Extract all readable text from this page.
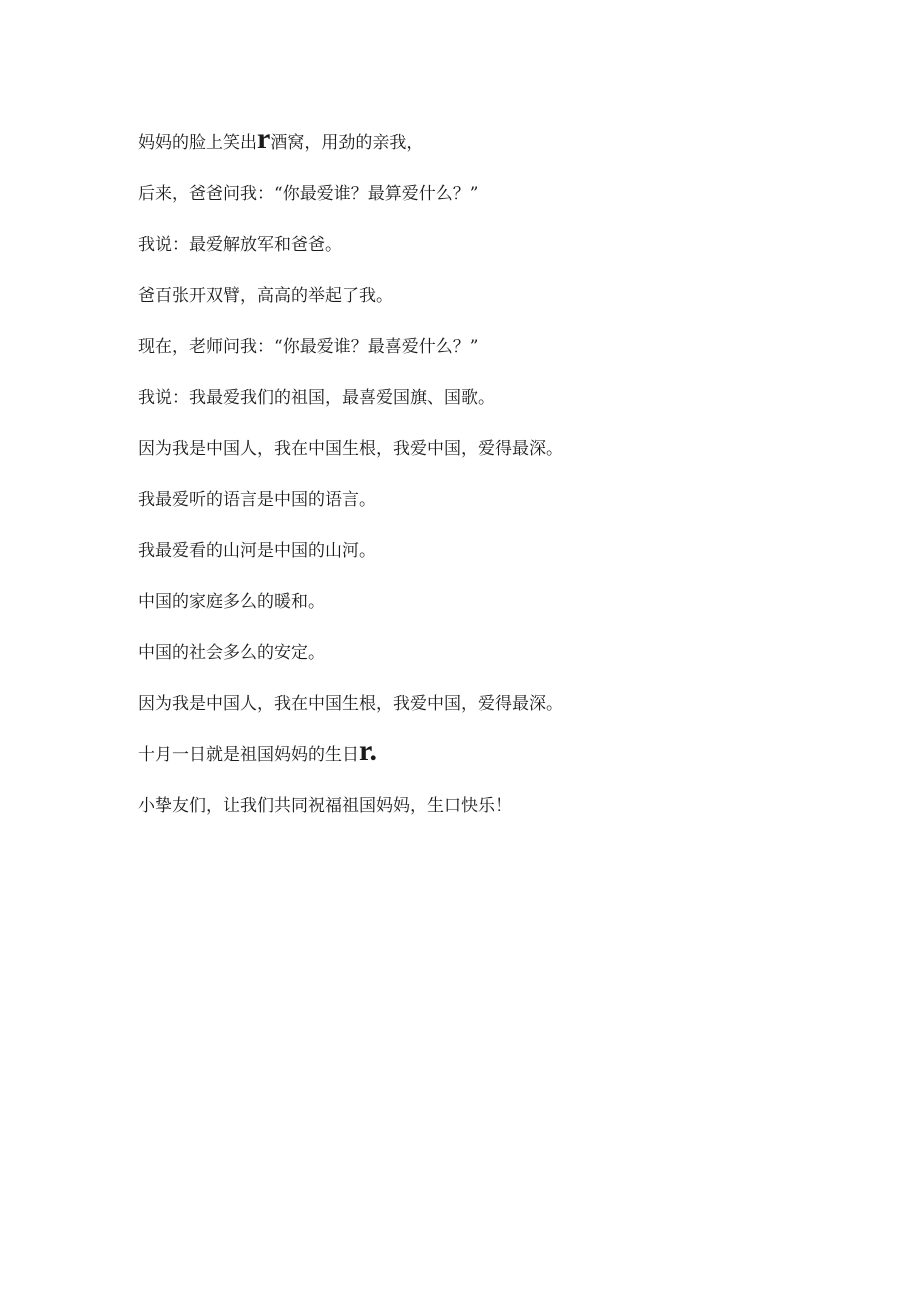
妈妈的脸上笑出r酒窝，用劲的亲我，
后来，爸爸问我：“你最爱谁？最算爱什么？”
我说：最爱解放军和爸爸。
爸百张开双臂，高高的举起了我。
现在，老师问我：“你最爱谁？最喜爱什么？”
我说：我最爱我们的祖国，最喜爱国旗、国歌。
因为我是中国人，我在中国生根，我爱中国，爱得最深。
我最爱听的语言是中国的语言。
我最爱看的山河是中国的山河。
中国的家庭多么的暖和。
中国的社会多么的安定。
因为我是中国人，我在中国生根，我爱中国，爱得最深。
十月一日就是祖国妈妈的生日r.
小挚友们，让我们共同祝福祖国妈妈，生口快乐！
